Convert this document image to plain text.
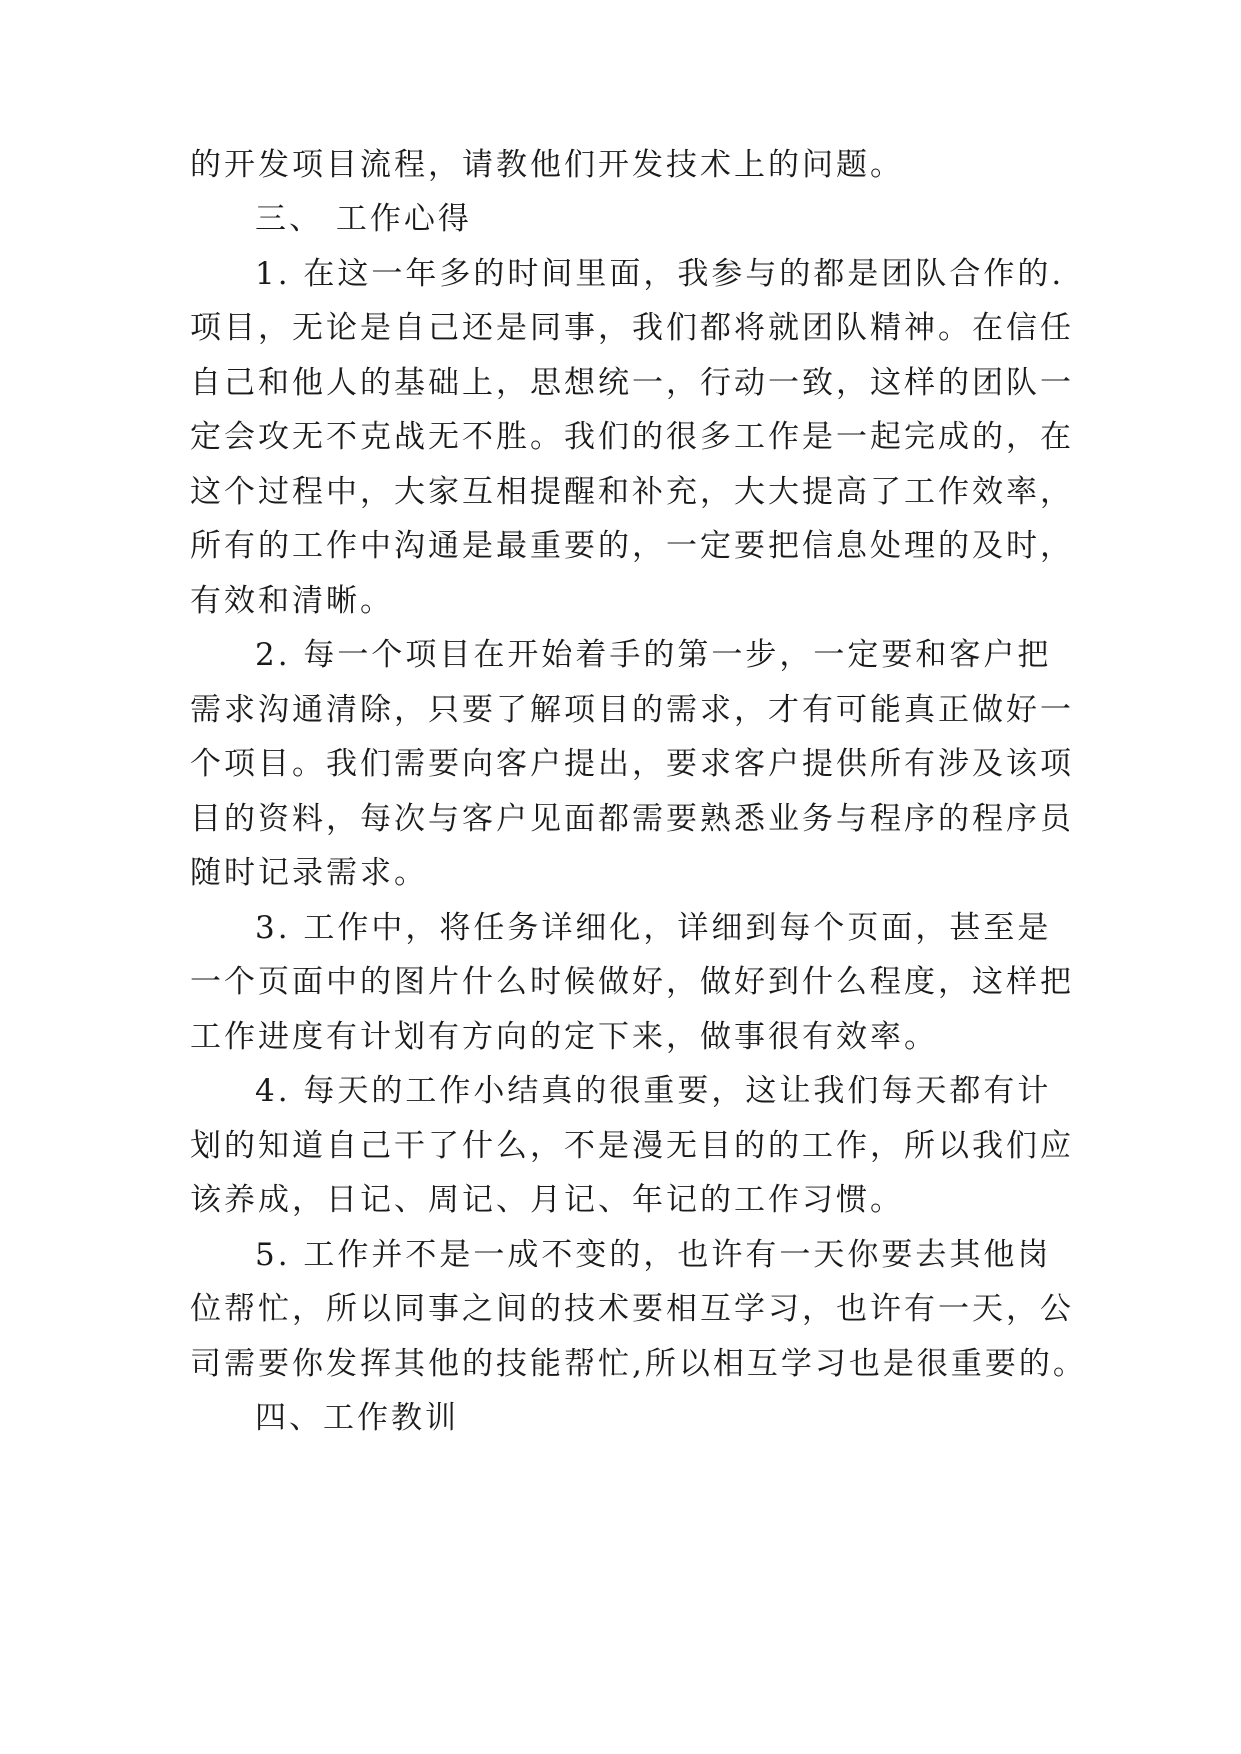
的开发项目流程，请教他们开发技术上的问题。
三、 工作心得
1. 在这一年多的时间里面，我参与的都是团队合作的.
项目，无论是自己还是同事，我们都将就团队精神。在信任
自己和他人的基础上，思想统一，行动一致，这样的团队一
定会攻无不克战无不胜。我们的很多工作是一起完成的，在
这个过程中，大家互相提醒和补充，大大提高了工作效率，
所有的工作中沟通是最重要的，一定要把信息处理的及时，
有效和清晰。
2. 每一个项目在开始着手的第一步，一定要和客户把
需求沟通清除，只要了解项目的需求，才有可能真正做好一
个项目。我们需要向客户提出，要求客户提供所有涉及该项
目的资料，每次与客户见面都需要熟悉业务与程序的程序员
随时记录需求。
3. 工作中，将任务详细化，详细到每个页面，甚至是
一个页面中的图片什么时候做好，做好到什么程度，这样把
工作进度有计划有方向的定下来，做事很有效率。
4. 每天的工作小结真的很重要，这让我们每天都有计
划的知道自己干了什么，不是漫无目的的工作，所以我们应
该养成，日记、周记、月记、年记的工作习惯。
5. 工作并不是一成不变的，也许有一天你要去其他岗
位帮忙，所以同事之间的技术要相互学习，也许有一天，公
司需要你发挥其他的技能帮忙,所以相互学习也是很重要的。
四、工作教训
